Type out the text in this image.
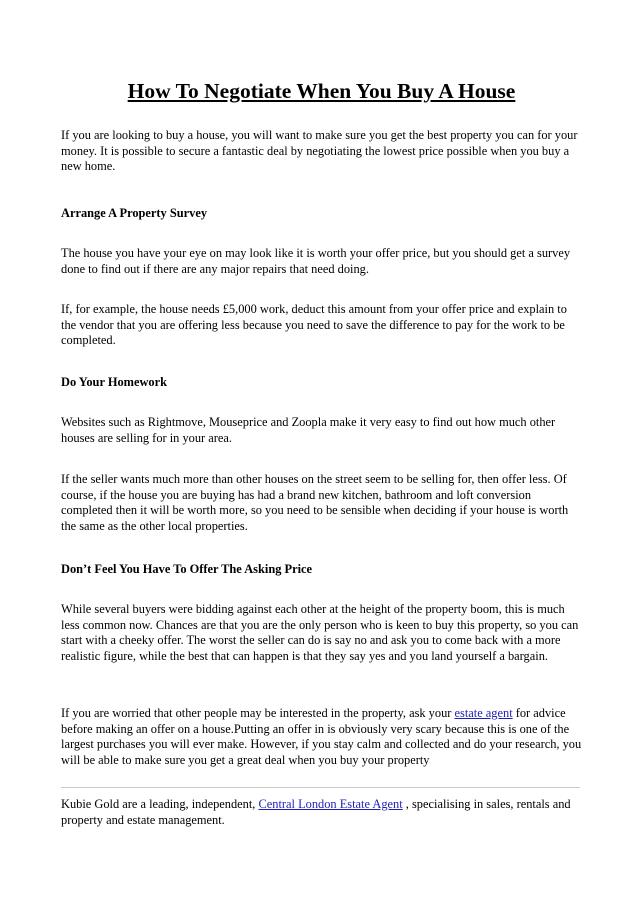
How To Negotiate When You Buy A House

If you are looking to buy a house, you will want to make sure you get the best property you can for your money. It is possible to secure a fantastic deal by negotiating the lowest price possible when you buy a new home.

Arrange A Property Survey

The house you have your eye on may look like it is worth your offer price, but you should get a survey done to find out if there are any major repairs that need doing.

If, for example, the house needs £5,000 work, deduct this amount from your offer price and explain to the vendor that you are offering less because you need to save the difference to pay for the work to be completed.

Do Your Homework

Websites such as Rightmove, Mouseprice and Zoopla make it very easy to find out how much other houses are selling for in your area.

If the seller wants much more than other houses on the street seem to be selling for, then offer less. Of course, if the house you are buying has had a brand new kitchen, bathroom and loft conversion completed then it will be worth more, so you need to be sensible when deciding if your house is worth the same as the other local properties.

Don’t Feel You Have To Offer The Asking Price

While several buyers were bidding against each other at the height of the property boom, this is much less common now. Chances are that you are the only person who is keen to buy this property, so you can start with a cheeky offer. The worst the seller can do is say no and ask you to come back with a more realistic figure, while the best that can happen is that they say yes and you land yourself a bargain.

If you are worried that other people may be interested in the property, ask your estate agent for advice before making an offer on a house.Putting an offer in is obviously very scary because this is one of the largest purchases you will ever make. However, if you stay calm and collected and do your research, you will be able to make sure you get a great deal when you buy your property

Kubie Gold are a leading, independent, Central London Estate Agent , specialising in sales, rentals and property and estate management.
